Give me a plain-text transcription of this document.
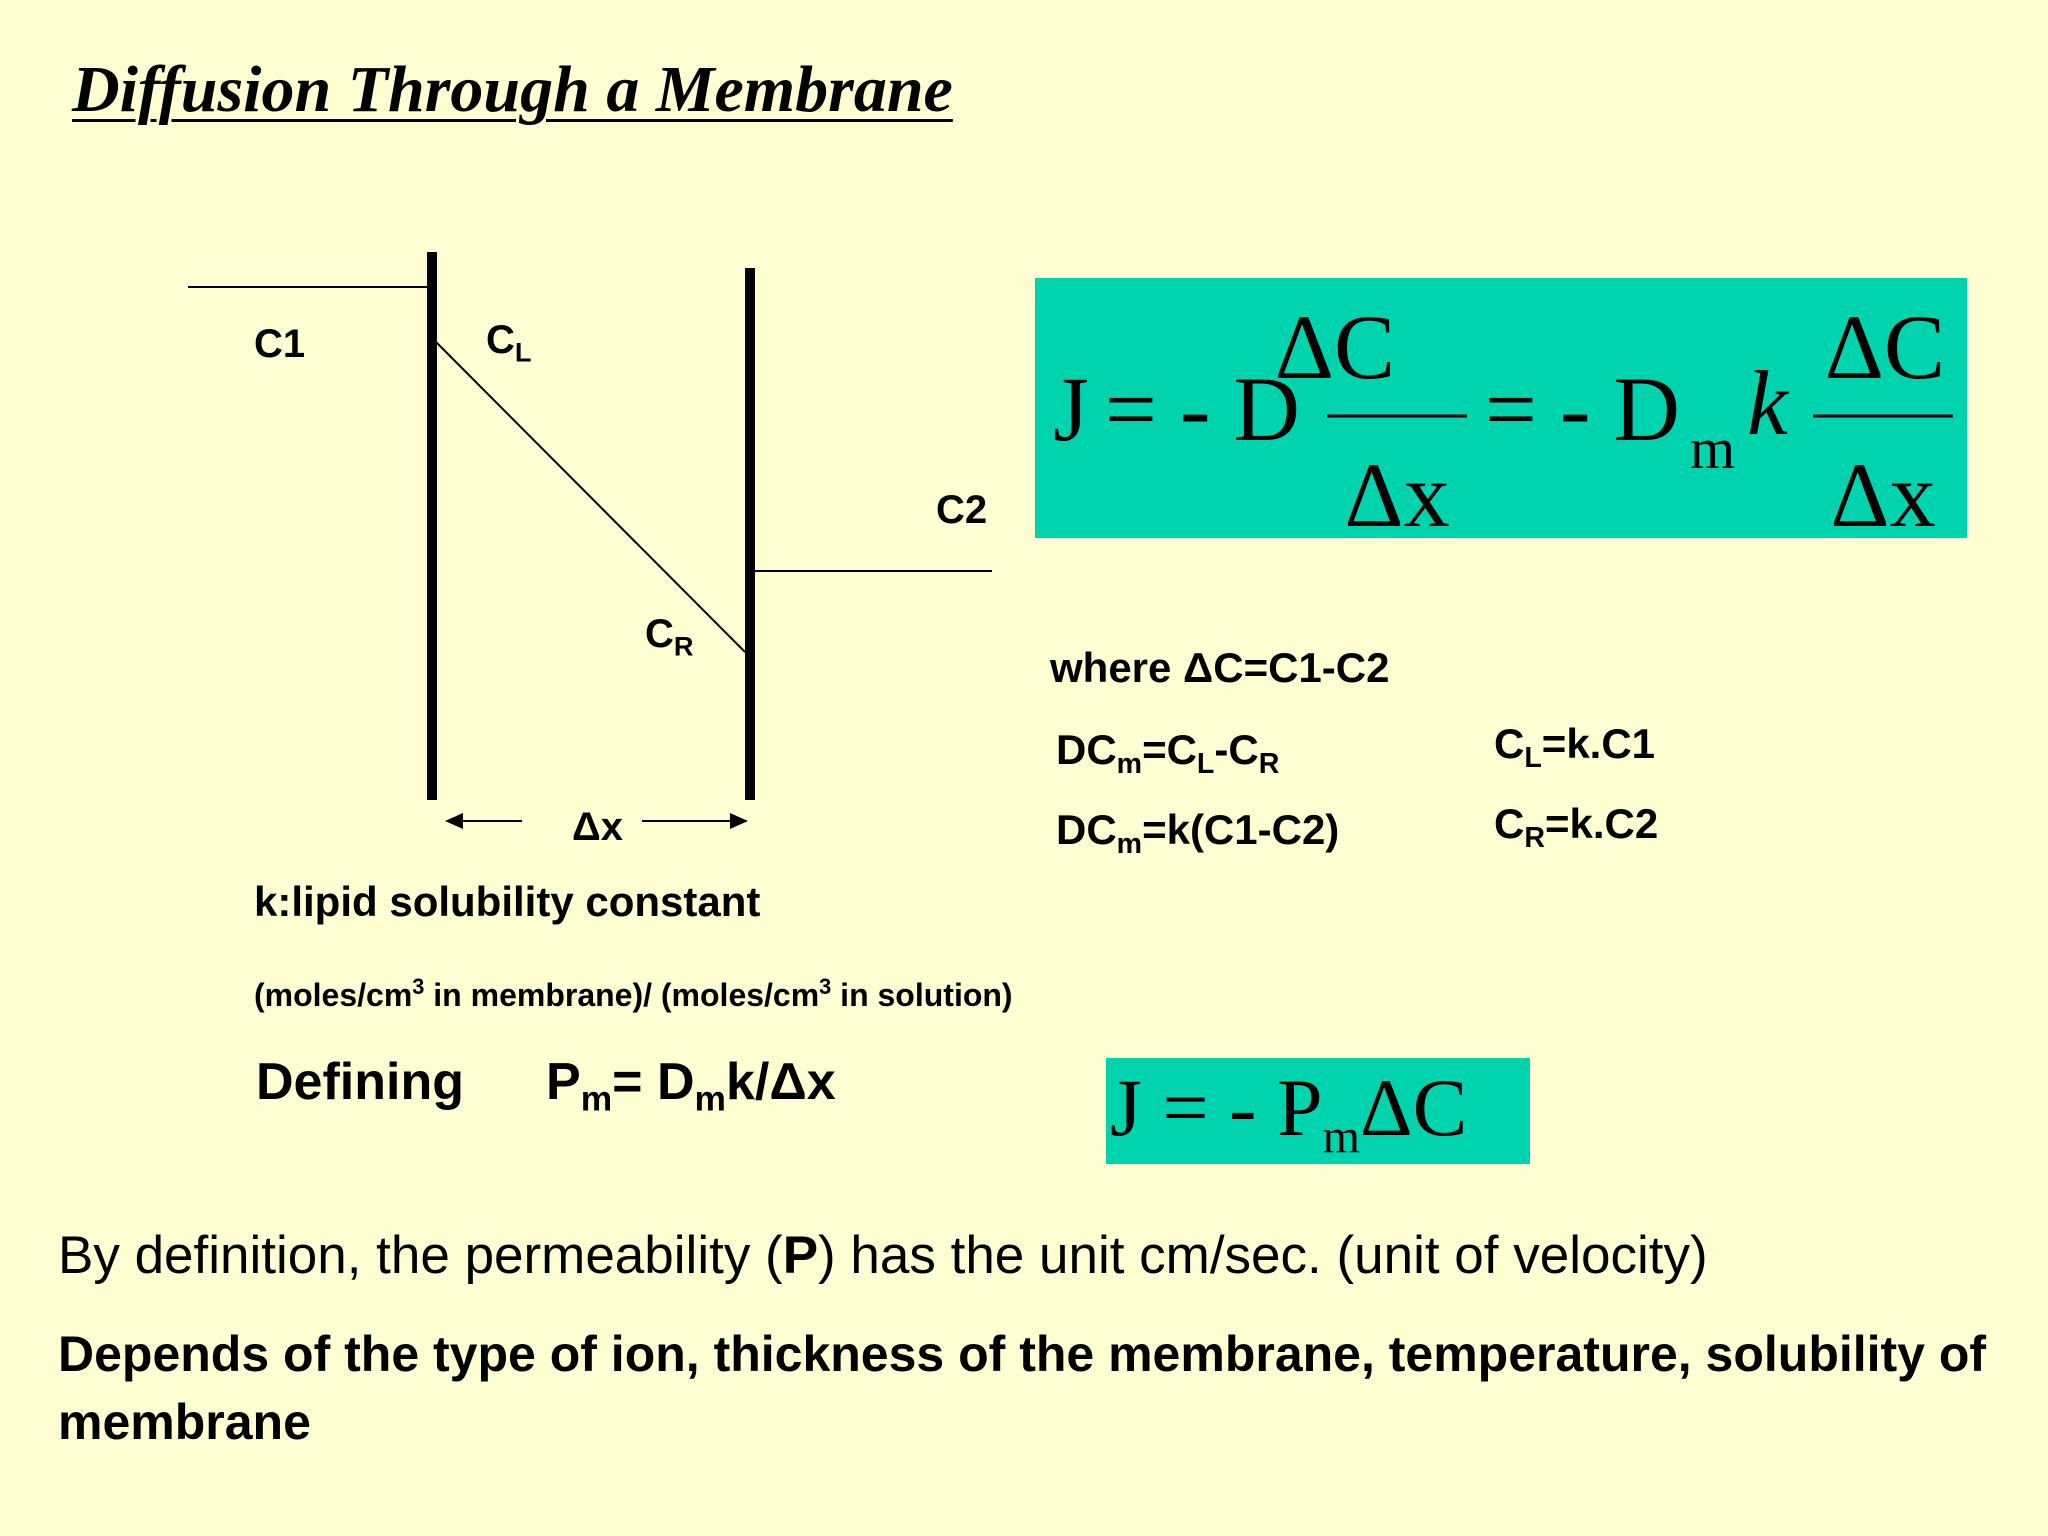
Diffusion Through a Membrane
C1	$C_L$
C2
$C_R$
Δx
J = - D
ΔC
Δx
= - D m k
ΔC
Δx
where ΔC=C1-C2
$DC_m=C_L-C_R$	$C_L=k.C1$
$DC_m=k(C1-C2)$	$C_R=k.C2$
k:lipid solubility constant
($moles/cm^3$ in membrane)/ ($moles/cm^3$ in solution)
Defining $P_m= D_mk/\Delta x$	J = - $P_m\Delta C$
By definition, the permeability (P) has the unit cm/sec. (unit of velocity)
Depends of the type of ion, thickness of the membrane, temperature, solubility of membrane
